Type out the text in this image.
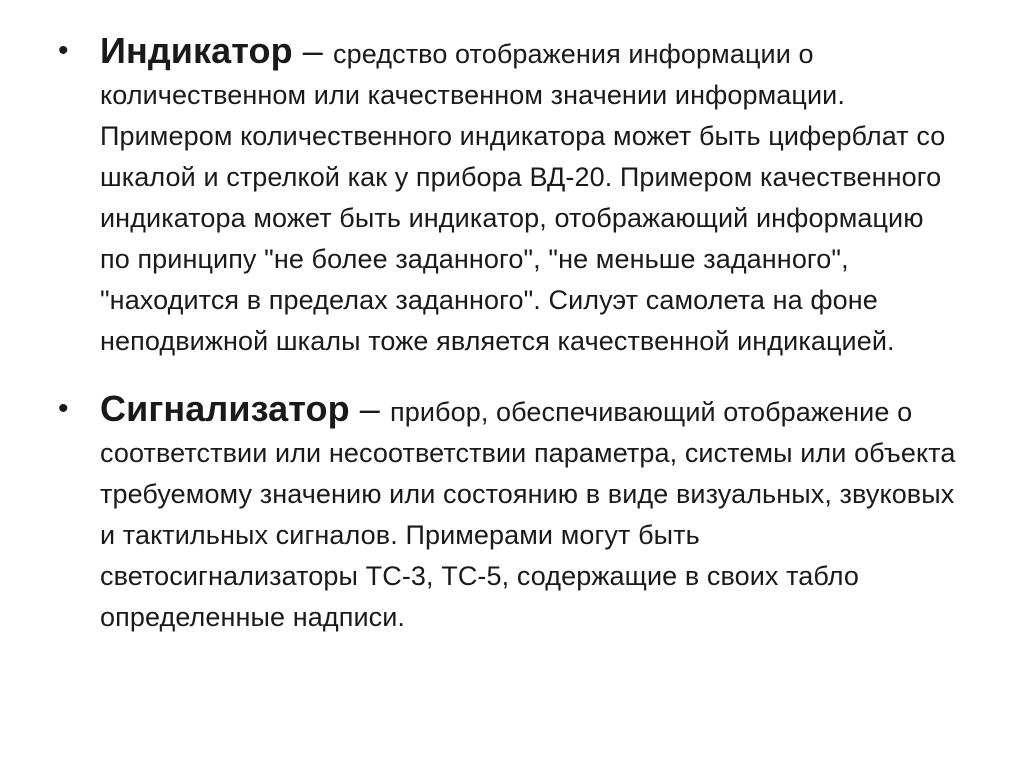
• Индикатор – средство отображения информации о количественном или качественном значении информации. Примером количественного индикатора может быть циферблат со шкалой и стрелкой как у прибора ВД-20. Примером качественного индикатора может быть индикатор, отображающий информацию по принципу "не более заданного", "не меньше заданного", "находится в пределах заданного". Силуэт самолета на фоне неподвижной шкалы тоже является качественной индикацией.
• Сигнализатор – прибор, обеспечивающий отображение о соответствии или несоответствии параметра, системы или объекта требуемому значению или состоянию в виде визуальных, звуковых и тактильных сигналов. Примерами могут быть светосигнализаторы ТС-3, ТС-5, содержащие в своих табло определенные надписи.
